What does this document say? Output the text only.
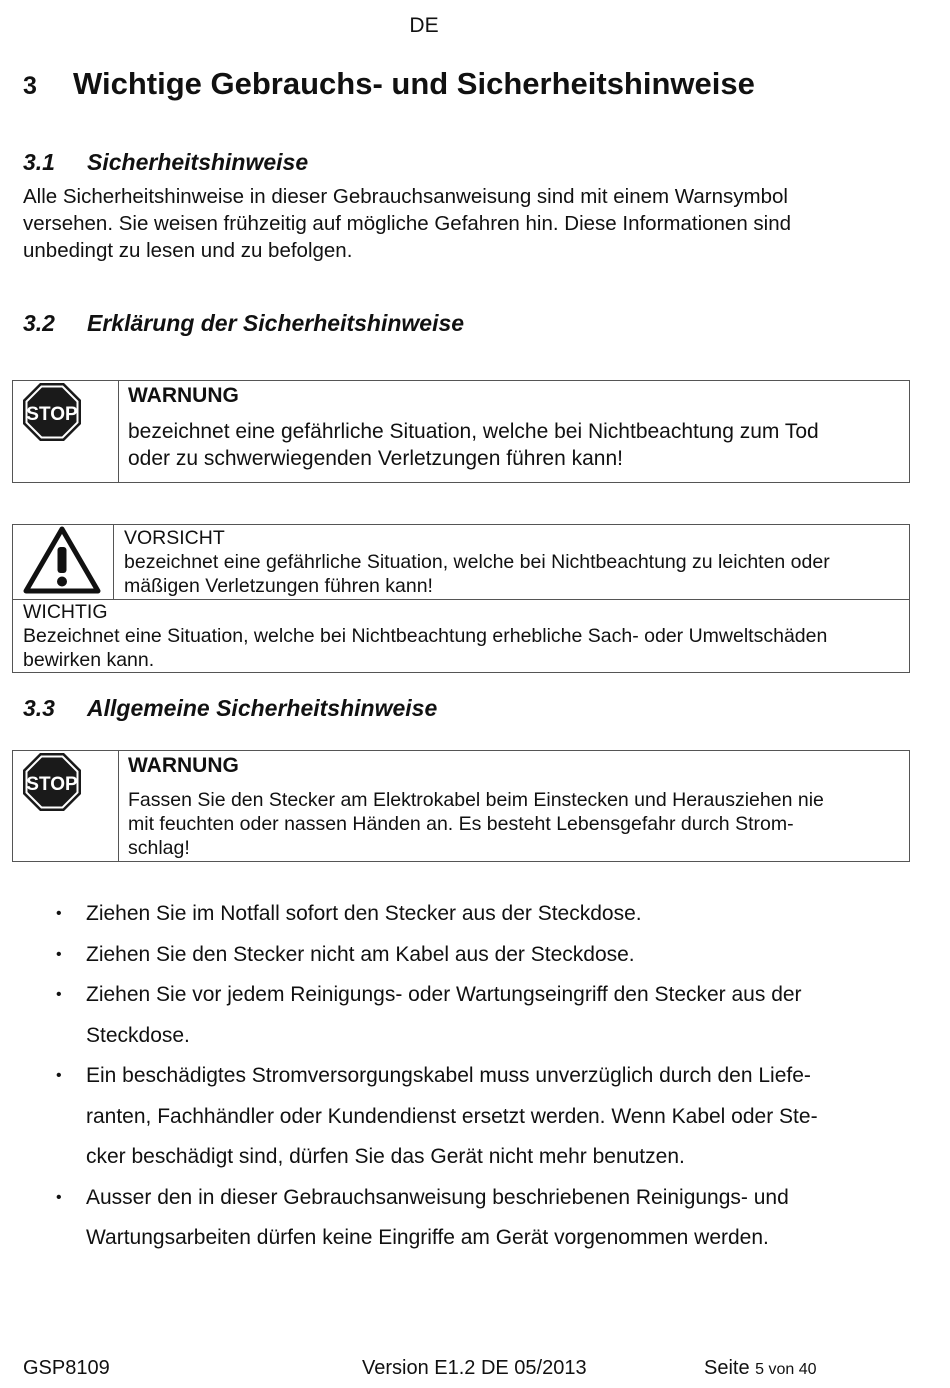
DE
3 Wichtige Gebrauchs- und Sicherheitshinweise
3.1 Sicherheitshinweise
Alle Sicherheitshinweise in dieser Gebrauchsanweisung sind mit einem Warnsymbol
versehen. Sie weisen frühzeitig auf mögliche Gefahren hin. Diese Informationen sind
unbedingt zu lesen und zu befolgen.
3.2 Erklärung der Sicherheitshinweise
STOP
WARNUNG
bezeichnet eine gefährliche Situation, welche bei Nichtbeachtung zum Tod
oder zu schwerwiegenden Verletzungen führen kann!
VORSICHT
bezeichnet eine gefährliche Situation, welche bei Nichtbeachtung zu leichten oder
mäßigen Verletzungen führen kann!
WICHTIG
Bezeichnet eine Situation, welche bei Nichtbeachtung erhebliche Sach- oder Umweltschäden
bewirken kann.
3.3 Allgemeine Sicherheitshinweise
STOP
WARNUNG
Fassen Sie den Stecker am Elektrokabel beim Einstecken und Herausziehen nie
mit feuchten oder nassen Händen an. Es besteht Lebensgefahr durch Strom-
schlag!
• Ziehen Sie im Notfall sofort den Stecker aus der Steckdose.
• Ziehen Sie den Stecker nicht am Kabel aus der Steckdose.
• Ziehen Sie vor jedem Reinigungs- oder Wartungseingriff den Stecker aus der
Steckdose.
• Ein beschädigtes Stromversorgungskabel muss unverzüglich durch den Liefe-
ranten, Fachhändler oder Kundendienst ersetzt werden. Wenn Kabel oder Ste-
cker beschädigt sind, dürfen Sie das Gerät nicht mehr benutzen.
• Ausser den in dieser Gebrauchsanweisung beschriebenen Reinigungs- und
Wartungsarbeiten dürfen keine Eingriffe am Gerät vorgenommen werden.
GSP8109	Version E1.2 DE 05/2013	Seite 5 von 40
